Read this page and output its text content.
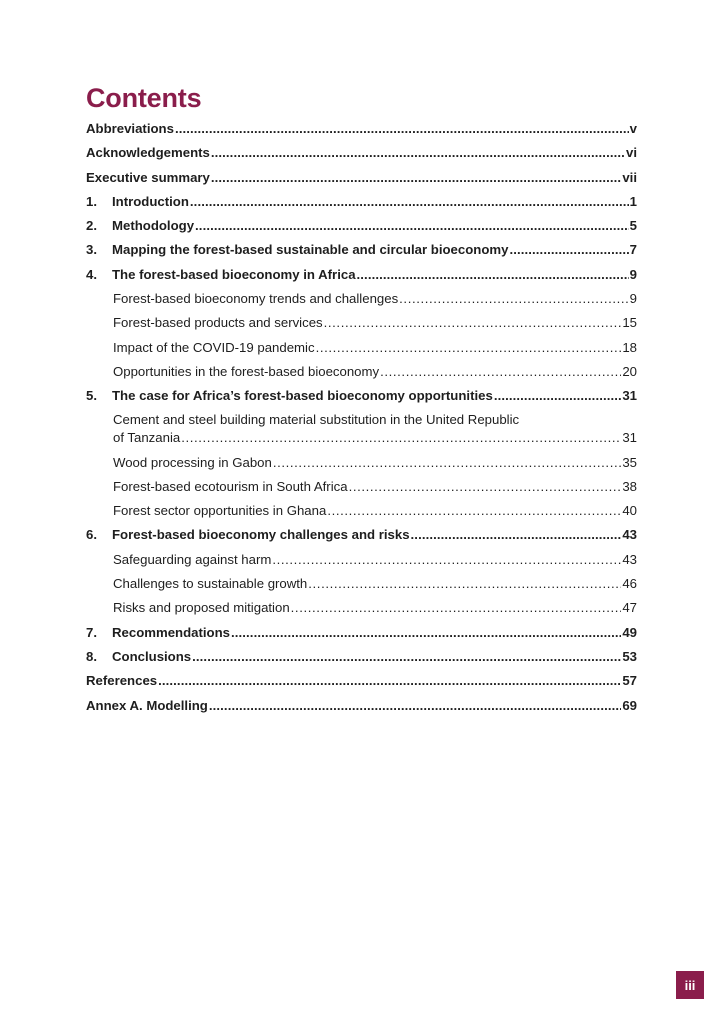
Contents
Abbreviations .....	v
Acknowledgements .....	vi
Executive summary .....	vii
1.	Introduction .....	1
2.	Methodology .....	5
3.	Mapping the forest-based sustainable and circular bioeconomy .....	7
4.	The forest-based bioeconomy in Africa .....	9
Forest-based bioeconomy trends and challenges .....	9
Forest-based products and services .....	15
Impact of the COVID-19 pandemic .....	18
Opportunities in the forest-based bioeconomy .....	20
5.	The case for Africa’s forest-based bioeconomy opportunities .....	31
Cement and steel building material substitution in the United Republic
of Tanzania .....	31
Wood processing in Gabon .....	35
Forest-based ecotourism in South Africa .....	38
Forest sector opportunities in Ghana .....	40
6.	Forest-based bioeconomy challenges and risks .....	43
Safeguarding against harm .....	43
Challenges to sustainable growth .....	46
Risks and proposed mitigation .....	47
7.	Recommendations .....	49
8.	Conclusions .....	53
References .....	57
Annex A. Modelling .....	69
iii
